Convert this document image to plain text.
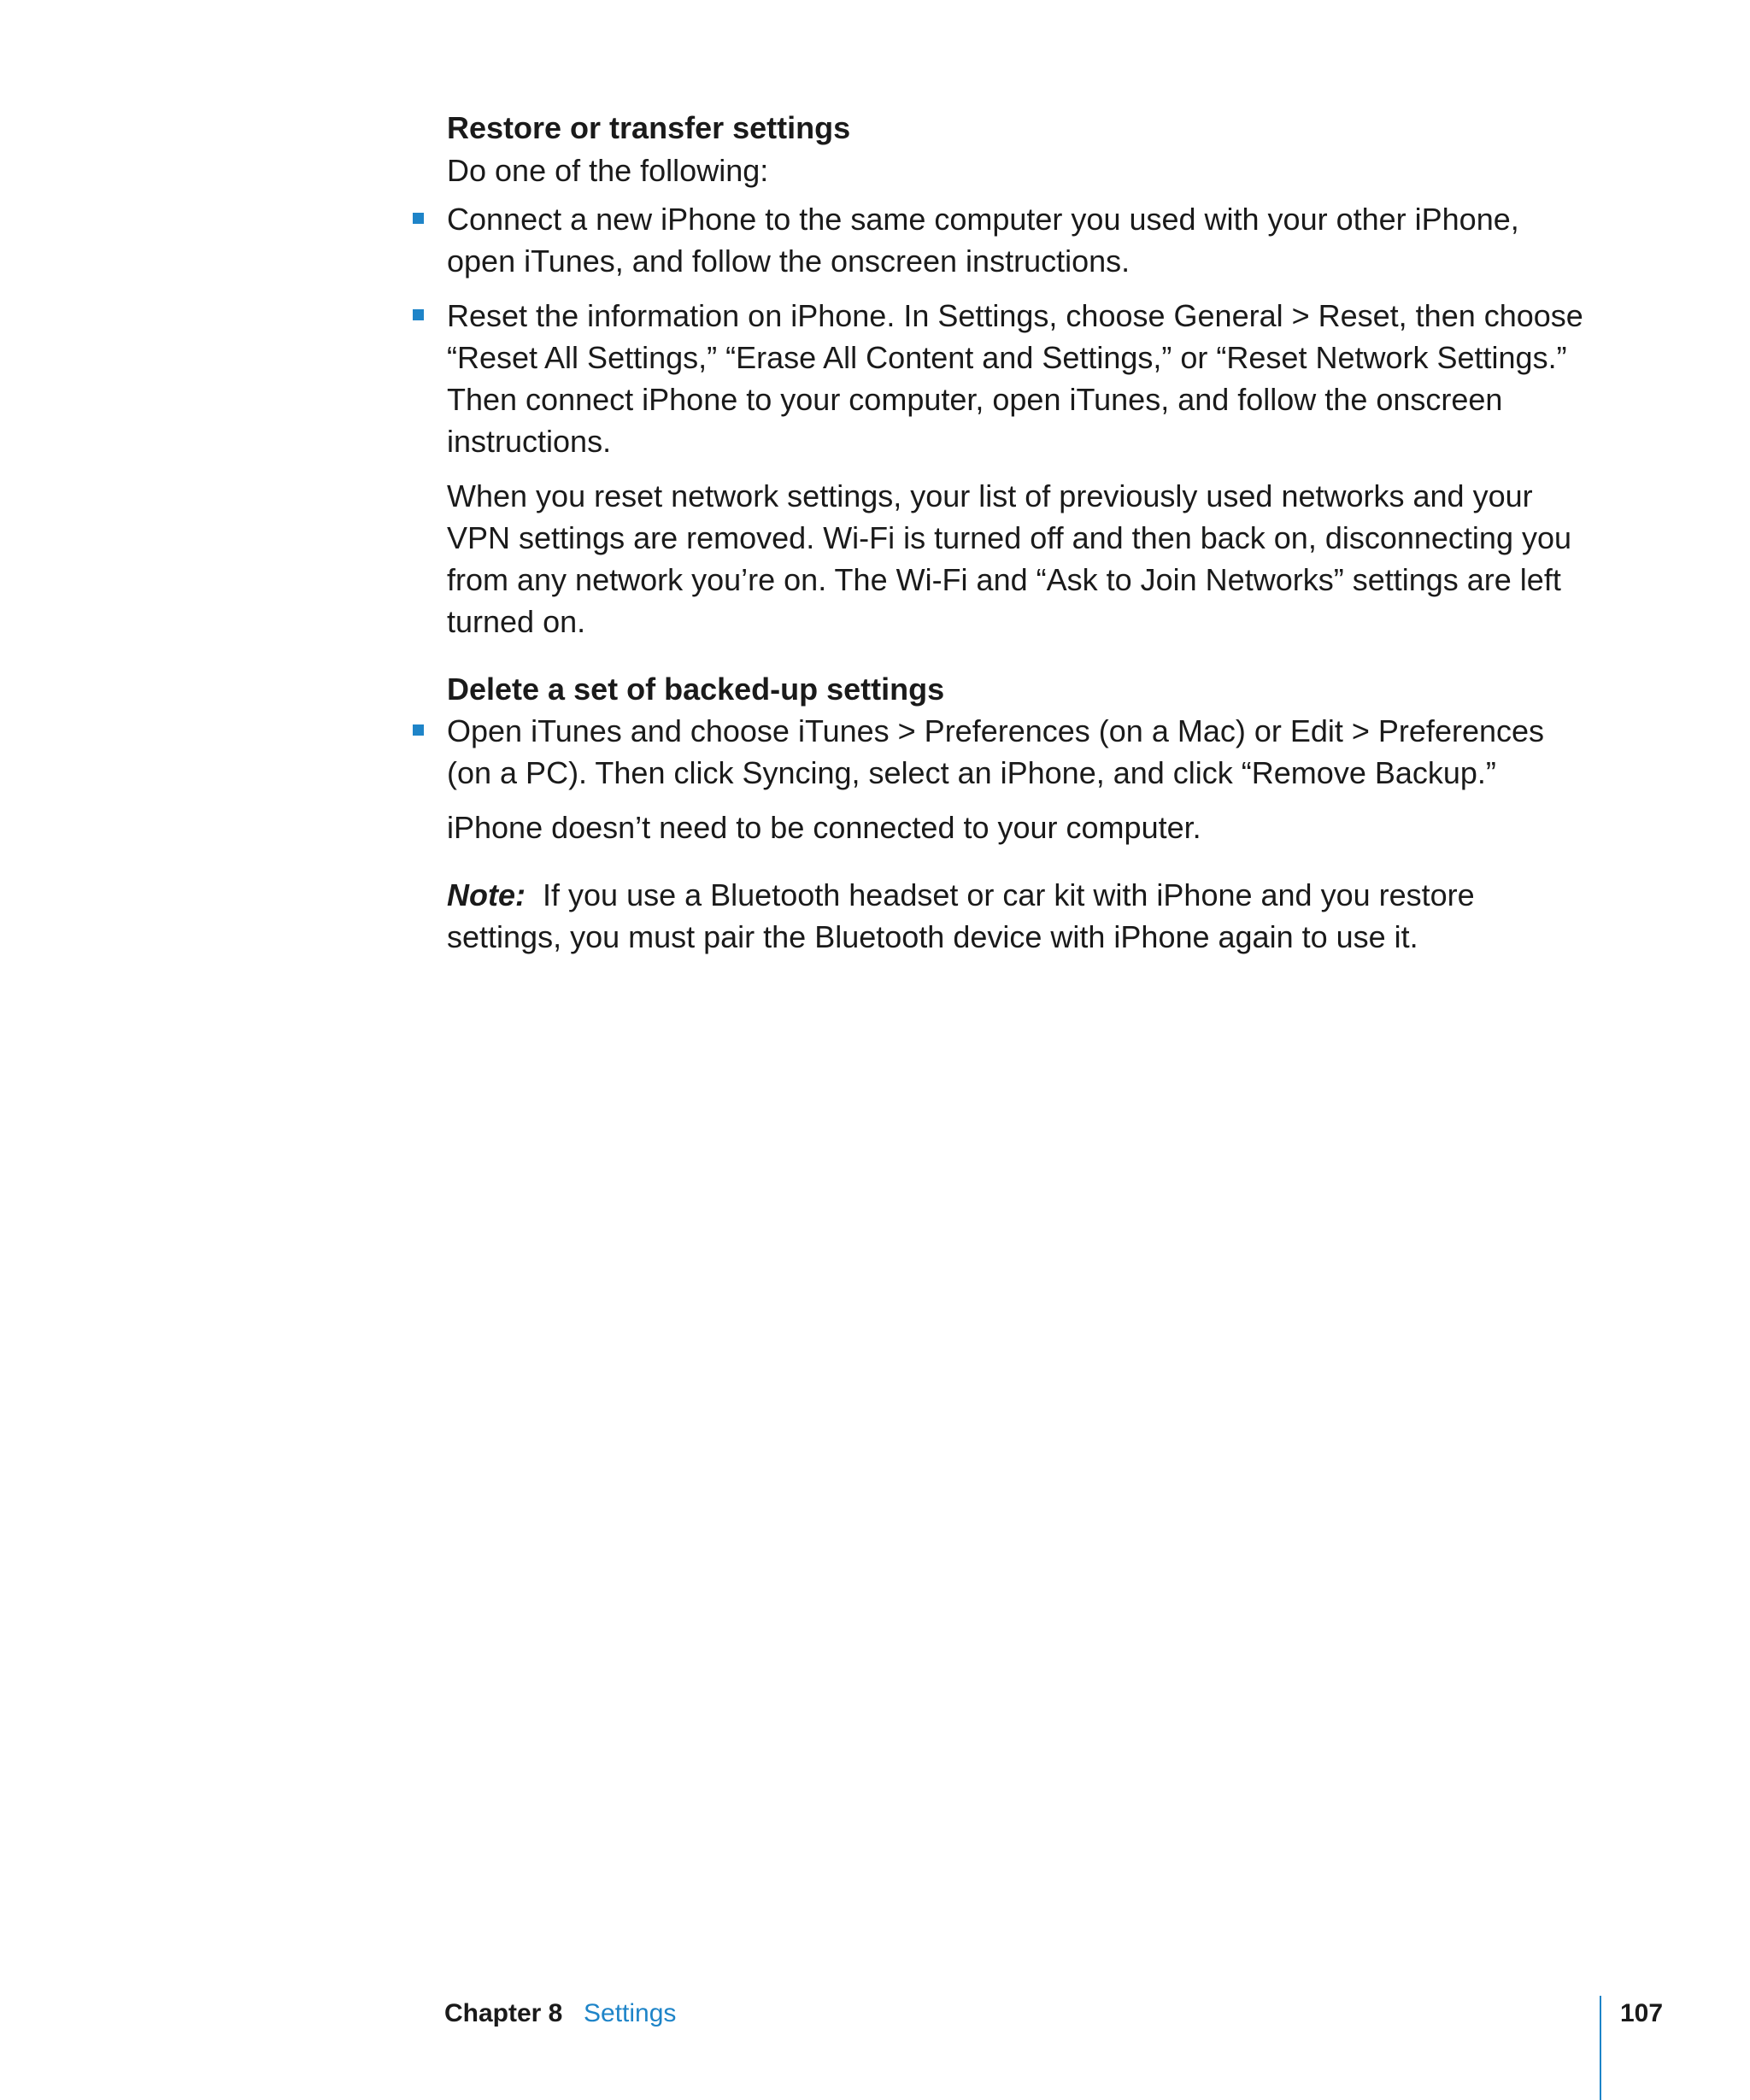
Restore or transfer settings

Do one of the following:

Connect a new iPhone to the same computer you used with your other iPhone, open iTunes, and follow the onscreen instructions.
Reset the information on iPhone. In Settings, choose General > Reset, then choose “Reset All Settings,” “Erase All Content and Settings,” or “Reset Network Settings.” Then connect iPhone to your computer, open iTunes, and follow the onscreen instructions.

When you reset network settings, your list of previously used networks and your VPN settings are removed. Wi-Fi is turned off and then back on, disconnecting you from any network you’re on. The Wi-Fi and “Ask to Join Networks” settings are left turned on.

Delete a set of backed-up settings

Open iTunes and choose iTunes > Preferences (on a Mac) or Edit > Preferences (on a PC). Then click Syncing, select an iPhone, and click “Remove Backup.”

iPhone doesn’t need to be connected to your computer.

Note: If you use a Bluetooth headset or car kit with iPhone and you restore settings, you must pair the Bluetooth device with iPhone again to use it.

Chapter 8 Settings	107
